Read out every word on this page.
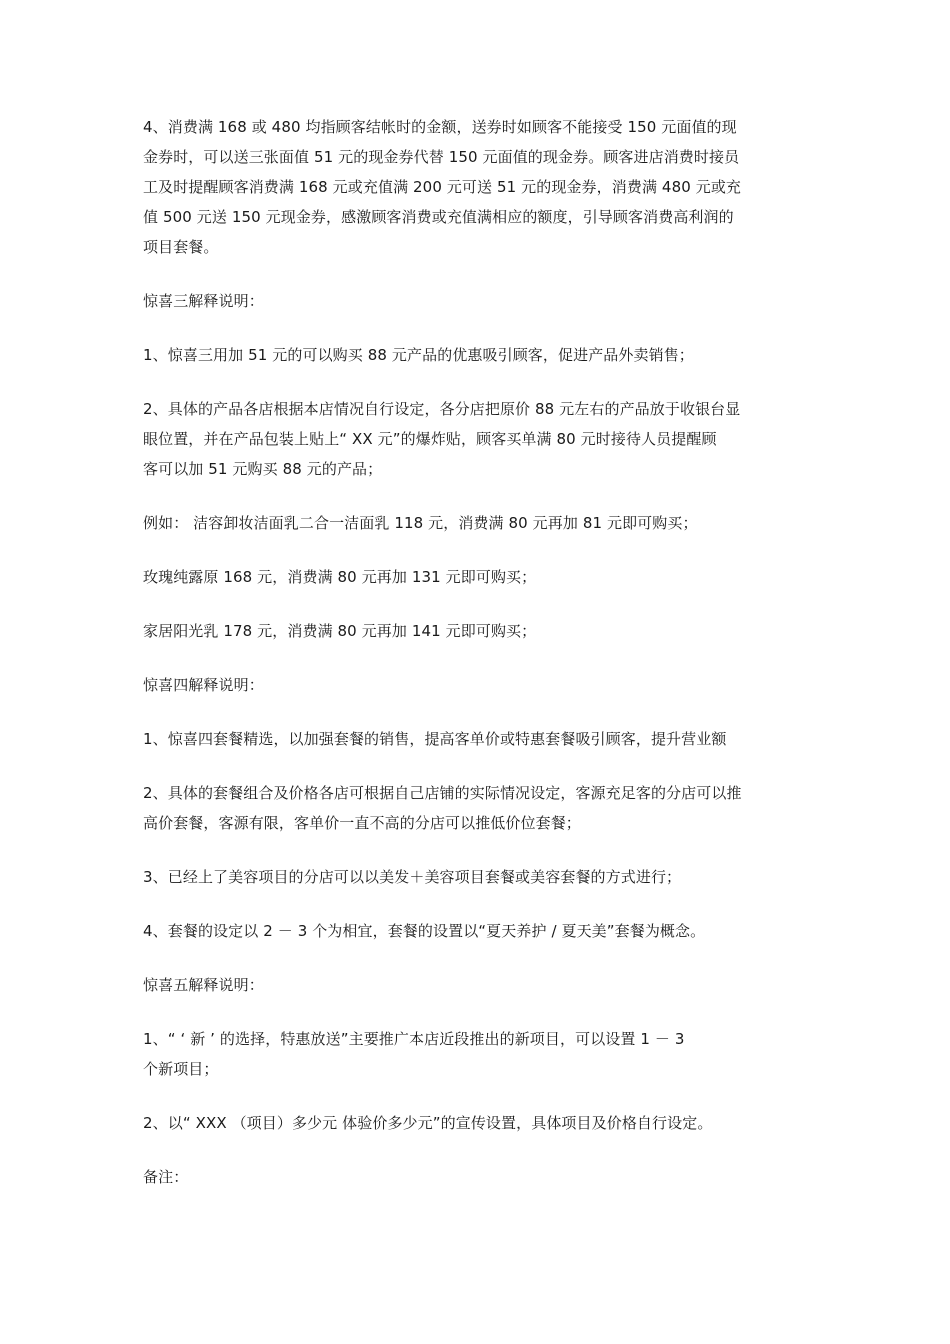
4、消费满 168 或 480 均指顾客结帐时的金额，送券时如顾客不能接受 150 元面值的现
金券时，可以送三张面值 51 元的现金券代替 150 元面值的现金券。顾客进店消费时接员
工及时提醒顾客消费满 168 元或充值满 200 元可送 51 元的现金券，消费满 480 元或充
值 500 元送 150 元现金券，感激顾客消费或充值满相应的额度，引导顾客消费高利润的
项目套餐。

惊喜三解释说明：

1、惊喜三用加 51 元的可以购买 88 元产品的优惠吸引顾客，促进产品外卖销售；

2、具体的产品各店根据本店情况自行设定，各分店把原价 88 元左右的产品放于收银台显
眼位置，并在产品包装上贴上“ XX 元”的爆炸贴，顾客买单满 80 元时接待人员提醒顾
客可以加 51 元购买 88 元的产品；

例如： 洁容卸妆洁面乳二合一洁面乳 118 元，消费满 80 元再加 81 元即可购买；

玫瑰纯露原 168 元，消费满 80 元再加 131 元即可购买；

家居阳光乳 178 元，消费满 80 元再加 141 元即可购买；

惊喜四解释说明：

1、惊喜四套餐精选，以加强套餐的销售，提高客单价或特惠套餐吸引顾客，提升营业额

2、具体的套餐组合及价格各店可根据自己店铺的实际情况设定，客源充足客的分店可以推
高价套餐，客源有限，客单价一直不高的分店可以推低价位套餐；

3、已经上了美容项目的分店可以以美发＋美容项目套餐或美容套餐的方式进行；

4、套餐的设定以 2 － 3 个为相宜，套餐的设置以“夏天养护 / 夏天美”套餐为概念。

惊喜五解释说明：

1、“ ‘ 新 ’ 的选择，特惠放送”主要推广本店近段推出的新项目，可以设置 1 － 3
个新项目；

2、以“ XXX （项目）多少元 体验价多少元”的宣传设置，具体项目及价格自行设定。

备注：
